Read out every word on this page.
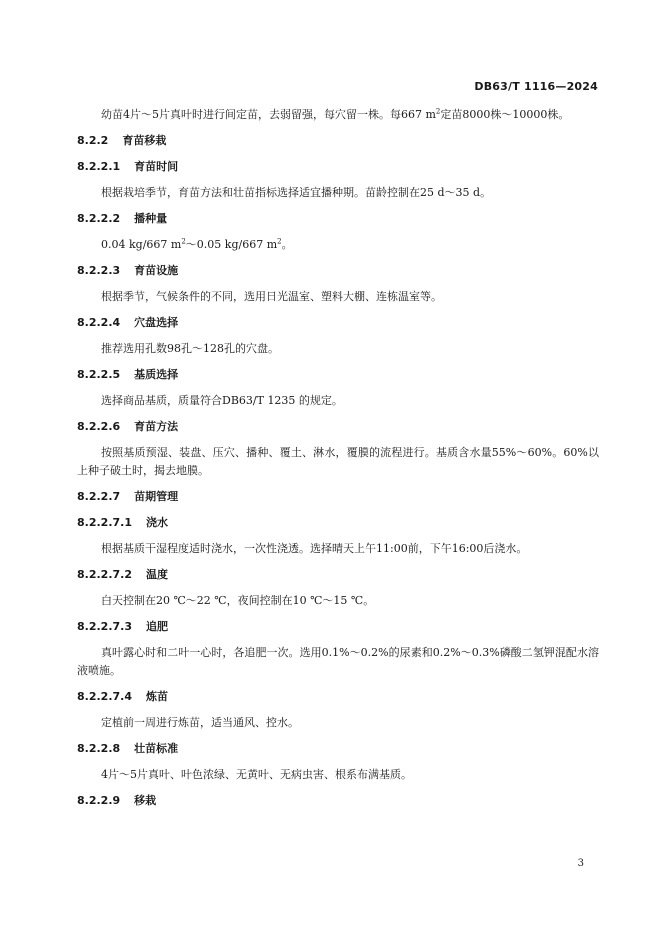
DB63/T 1116—2024
幼苗4片～5片真叶时进行间定苗，去弱留强，每穴留一株。每667 $m^2$定苗8000株～10000株。
8.2.2 育苗移栽
8.2.2.1 育苗时间
根据栽培季节，育苗方法和壮苗指标选择适宜播种期。苗龄控制在25 d～35 d。
8.2.2.2 播种量
0.04 kg/667 $m^2\sim 0.05$ kg/667 $m^2$。
8.2.2.3 育苗设施
根据季节，气候条件的不同，选用日光温室、塑料大棚、连栋温室等。
8.2.2.4 穴盘选择
推荐选用孔数98孔～128孔的穴盘。
8.2.2.5 基质选择
选择商品基质，质量符合DB63/T 1235 的规定。
8.2.2.6 育苗方法
按照基质预湿、装盘、压穴、播种、覆土、淋水，覆膜的流程进行。基质含水量55%～60%。60%以上种子破土时，揭去地膜。
8.2.2.7 苗期管理
8.2.2.7.1 浇水
根据基质干湿程度适时浇水，一次性浇透。选择晴天上午11:00前，下午16:00后浇水。
8.2.2.7.2 温度
白天控制在20 ℃～22 ℃，夜间控制在10 ℃～15 ℃。
8.2.2.7.3 追肥
真叶露心时和二叶一心时，各追肥一次。选用0.1%～0.2%的尿素和0.2%～0.3%磷酸二氢钾混配水溶液喷施。
8.2.2.7.4 炼苗
定植前一周进行炼苗，适当通风、控水。
8.2.2.8 壮苗标准
4片～5片真叶、叶色浓绿、无黄叶、无病虫害、根系布满基质。
8.2.2.9 移栽
3
